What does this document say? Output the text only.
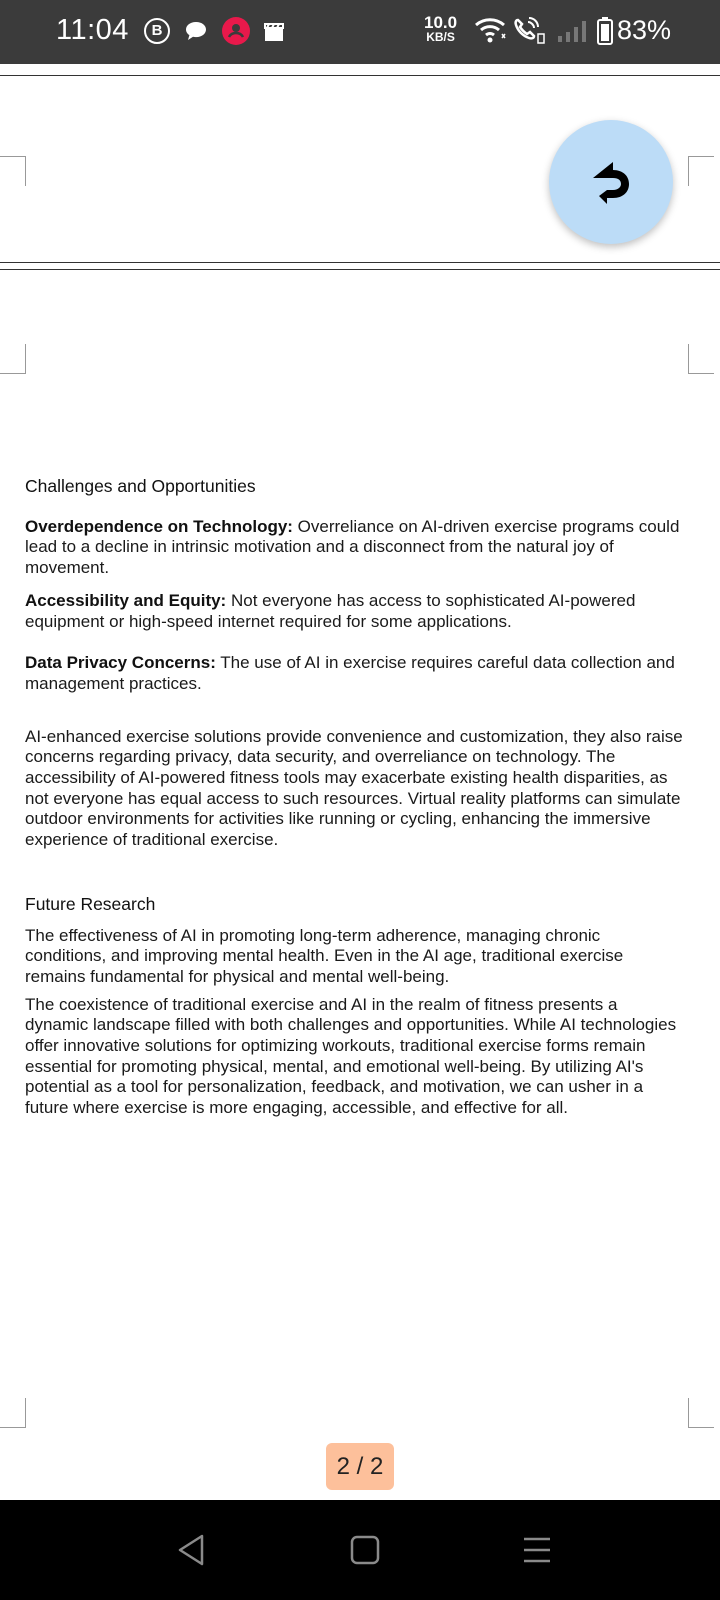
11:04	B	10.0
KB/S	83%
Challenges and Opportunities
Overdependence on Technology: Overreliance on AI-driven exercise programs could lead to a decline in intrinsic motivation and a disconnect from the natural joy of movement.
Accessibility and Equity: Not everyone has access to sophisticated AI-powered equipment or high-speed internet required for some applications.
Data Privacy Concerns: The use of AI in exercise requires careful data collection and management practices.
AI-enhanced exercise solutions provide convenience and customization, they also raise concerns regarding privacy, data security, and overreliance on technology. The accessibility of AI-powered fitness tools may exacerbate existing health disparities, as not everyone has equal access to such resources. Virtual reality platforms can simulate outdoor environments for activities like running or cycling, enhancing the immersive experience of traditional exercise.
Future Research
The effectiveness of AI in promoting long-term adherence, managing chronic conditions, and improving mental health. Even in the AI age, traditional exercise remains fundamental for physical and mental well-being.
The coexistence of traditional exercise and AI in the realm of fitness presents a dynamic landscape filled with both challenges and opportunities. While AI technologies offer innovative solutions for optimizing workouts, traditional exercise forms remain essential for promoting physical, mental, and emotional well-being. By utilizing AI's potential as a tool for personalization, feedback, and motivation, we can usher in a future where exercise is more engaging, accessible, and effective for all.
2 / 2
